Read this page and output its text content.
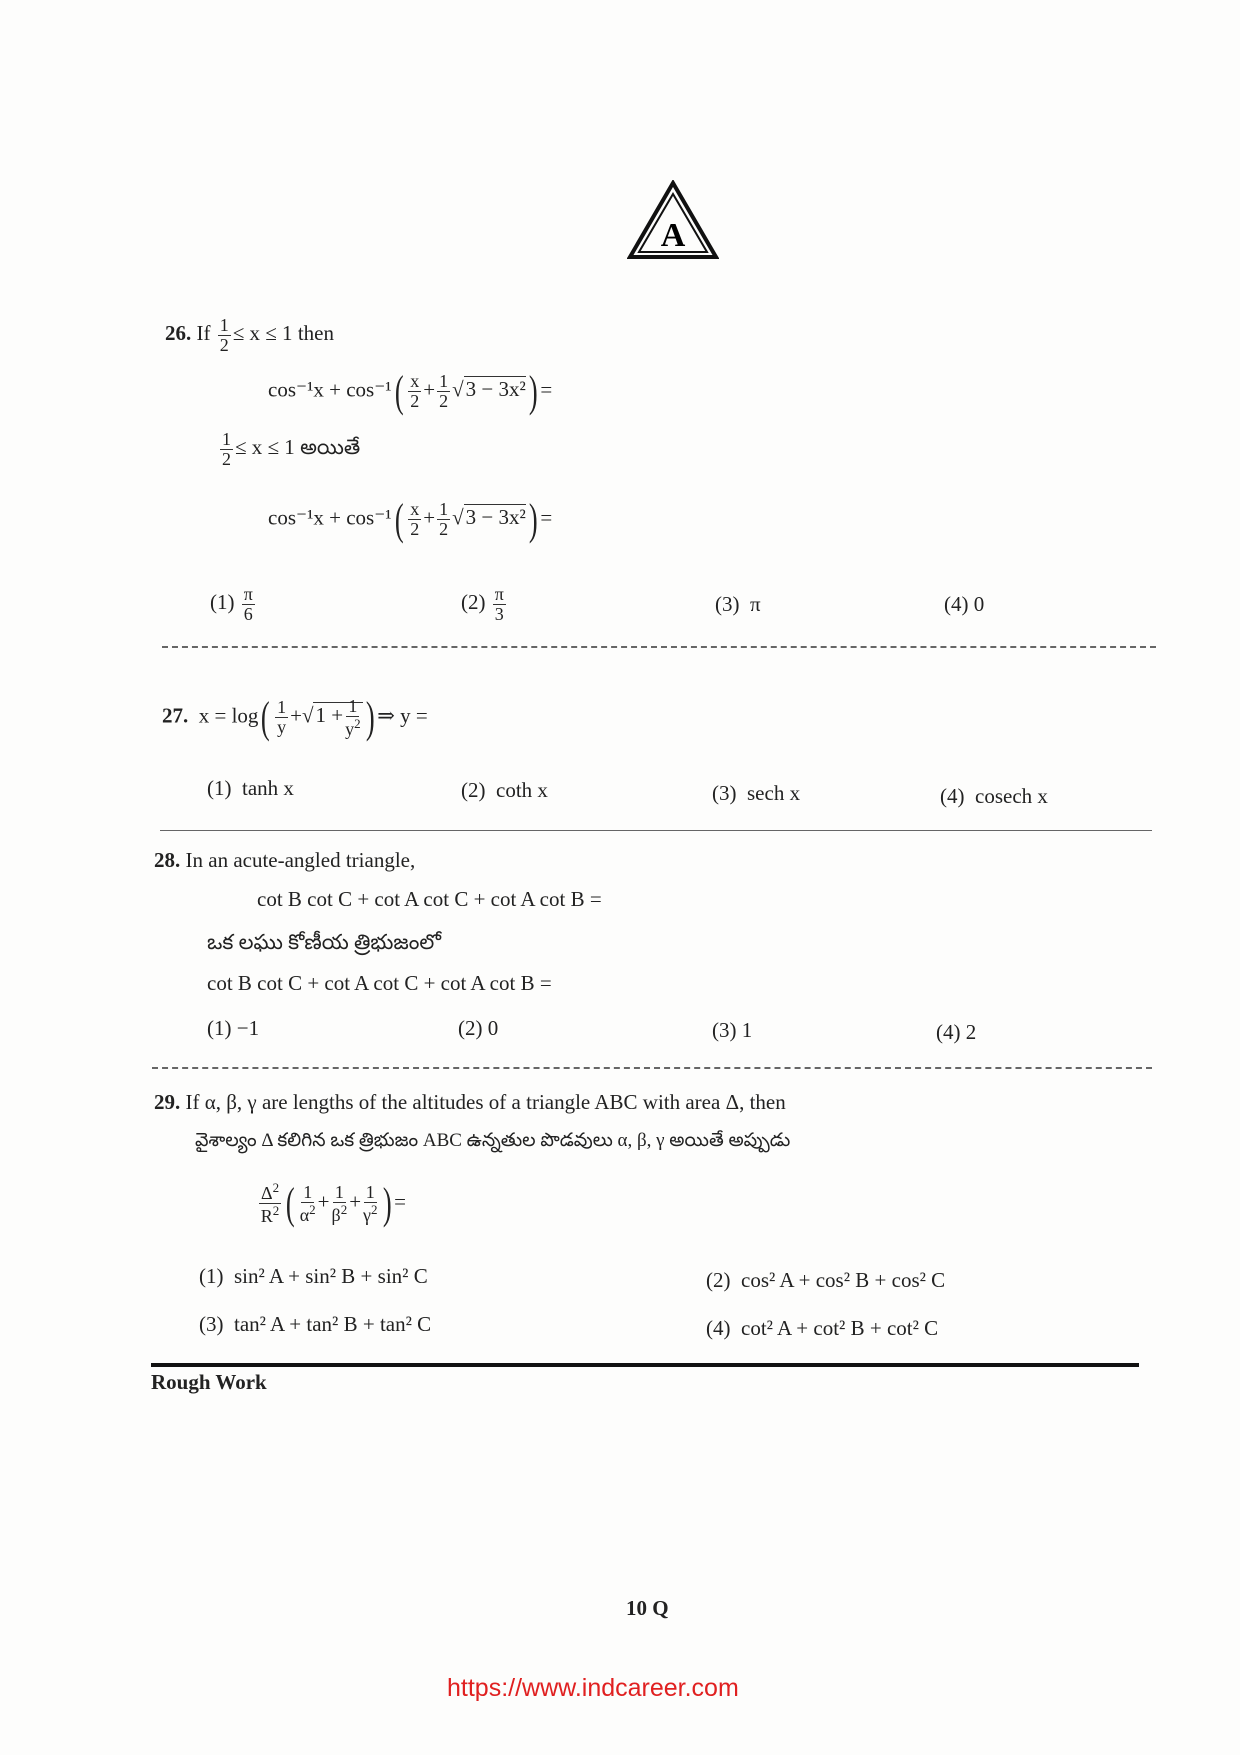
A
26. If $\frac{1}{2} \le x \le 1$ then
$\cos^{-1}x + \cos^{-1}( \frac{x}{2} + \frac{1}{2} √3 - 3x^2)$ =
$\frac{1}{2} \le x \le 1$ అయితే
$\cos^{-1}x + \cos^{-1}( \frac{x}{2} + \frac{1}{2} √3 - 3x^2)$ =
$(1) \frac{\pi}{6}$	$(2) \frac{\pi}{3}$	(3) π	(4) 0
27. $x = \log( \frac{1}{y} +√1 + \frac{1}{y^2}$ ) ⇒ y =
(1) tanh x	(2) coth x	(3) sech x	(4) cosech x
28. In an acute-angled triangle,
cot B cot C + cot A cot C + cot A cot B =
ఒక లఘు కోణీయ త్రిభుజంలో
cot B cot C + cot A cot C + cot A cot B =
(1) −1	(2) 0	(3) 1	(4) 2
29. If α, β, γ are lengths of the altitudes of a triangle ABC with area Δ, then
వైశాల్యం Δ కలిగిన ఒక త్రిభుజం ABC ఉన్నతుల పొడవులు α, β, γ అయితే అప్పుడు
$\frac{\Delta^2}{R^2}$ ( $\frac{1}{\alpha^2} + \frac{1}{\beta^2} + \frac{1}{\gamma^2}$ ) =
(1) sin² A + sin² B + sin² C	(2) cos² A + cos² B + cos² C
(3) tan² A + tan² B + tan² C	(4) cot² A + cot² B + cot² C
Rough Work
10 Q
https://www.indcareer.com
